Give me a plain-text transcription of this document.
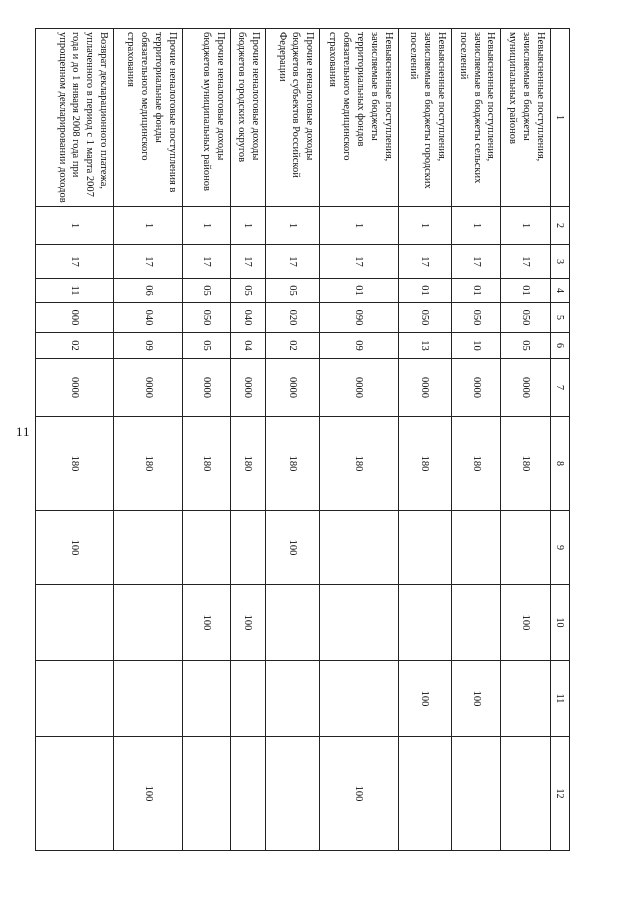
11
1	2	3	4	5	6	7	8	9	10	11	12
Невыясненные поступления, зачисляемые в бюджеты муниципальных районов	1	17	01	050	05	0000	180		100		
Невыясненные поступления, зачисляемые в бюджеты сельских поселений	1	17	01	050	10	0000	180			100	
Невыясненные поступления, зачисляемые в бюджеты городских поселений	1	17	01	050	13	0000	180			100	
Невыясненные поступления, зачисляемые в бюджеты территориальных фондов обязательного медицинского страхования	1	17	01	090	09	0000	180				100
Прочие неналоговые доходы бюджетов субъектов Российской Федерации	1	17	05	020	02	0000	180	100			
Прочие неналоговые доходы бюджетов городских округов	1	17	05	040	04	0000	180		100		
Прочие неналоговые доходы бюджетов муниципальных районов	1	17	05	050	05	0000	180		100		
Прочие неналоговые поступления в территориальные фонды обязательного медицинского страхования	1	17	06	040	09	0000	180				100
Возврат декларационного платежа, уплаченного в период с 1 марта 2007 года и до 1 января 2008 года при упрощенном декларировании доходов	1	17	11	000	02	0000	180	100			
